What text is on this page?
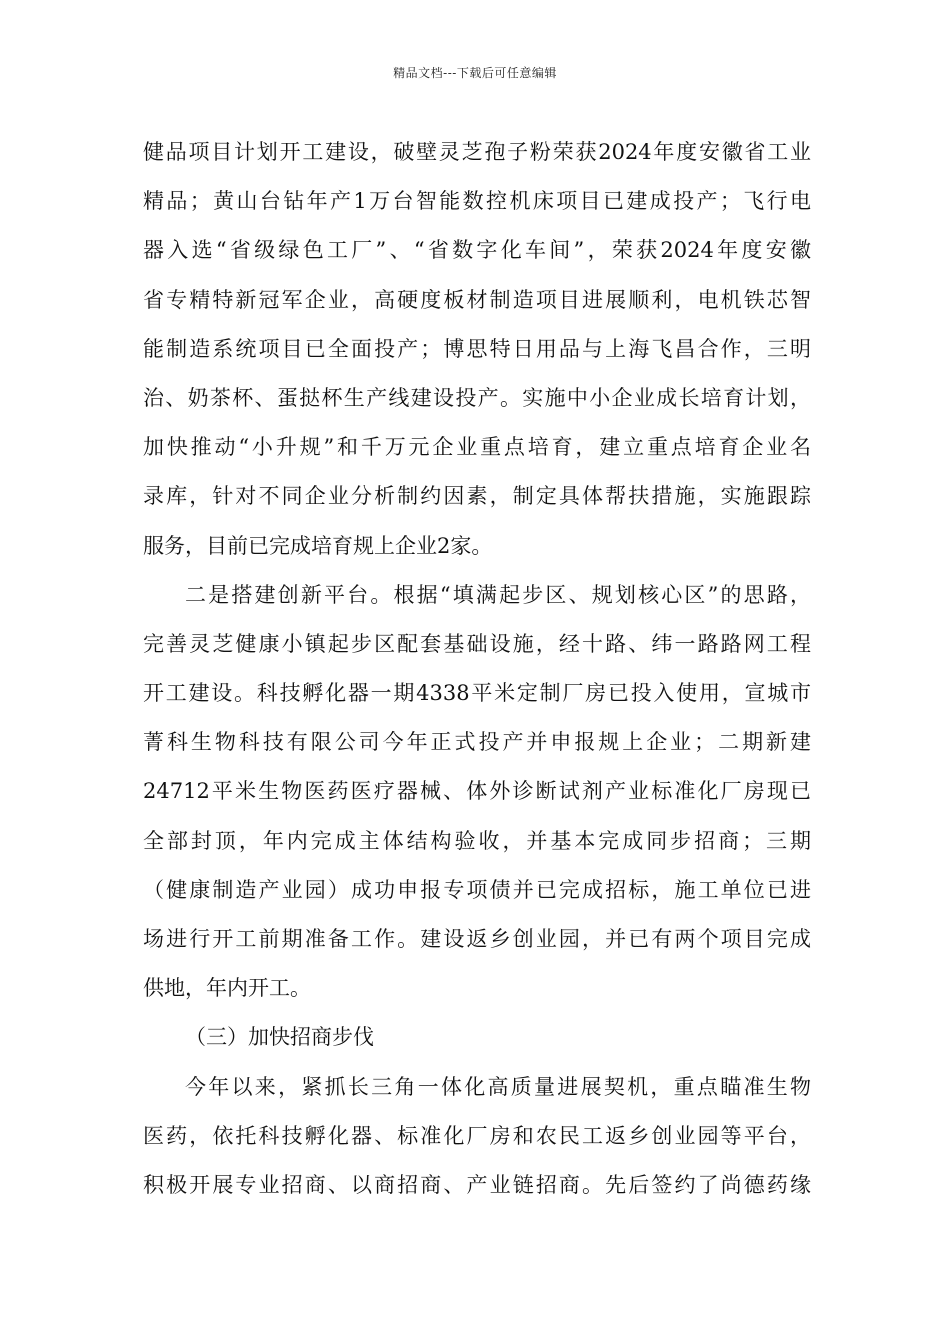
精品文档---下载后可任意编辑
健品项目计划开工建设，破壁灵芝孢子粉荣获2024年度安徽省工业
精品；黄山台钻年产1万台智能数控机床项目已建成投产；飞行电
器入选“省级绿色工厂”、“省数字化车间”，荣获2024年度安徽
省专精特新冠军企业，高硬度板材制造项目进展顺利，电机铁芯智
能制造系统项目已全面投产；博思特日用品与上海飞昌合作，三明
治、奶茶杯、蛋挞杯生产线建设投产。实施中小企业成长培育计划，
加快推动“小升规”和千万元企业重点培育，建立重点培育企业名
录库，针对不同企业分析制约因素，制定具体帮扶措施，实施跟踪
服务，目前已完成培育规上企业2家。
二是搭建创新平台。根据“填满起步区、规划核心区”的思路，
完善灵芝健康小镇起步区配套基础设施，经十路、纬一路路网工程
开工建设。科技孵化器一期4338平米定制厂房已投入使用，宣城市
菁科生物科技有限公司今年正式投产并申报规上企业；二期新建
24712平米生物医药医疗器械、体外诊断试剂产业标准化厂房现已
全部封顶，年内完成主体结构验收，并基本完成同步招商；三期
（健康制造产业园）成功申报专项债并已完成招标，施工单位已进
场进行开工前期准备工作。建设返乡创业园，并已有两个项目完成
供地，年内开工。
（三）加快招商步伐
今年以来，紧抓长三角一体化高质量进展契机，重点瞄准生物
医药，依托科技孵化器、标准化厂房和农民工返乡创业园等平台，
积极开展专业招商、以商招商、产业链招商。先后签约了尚德药缘
